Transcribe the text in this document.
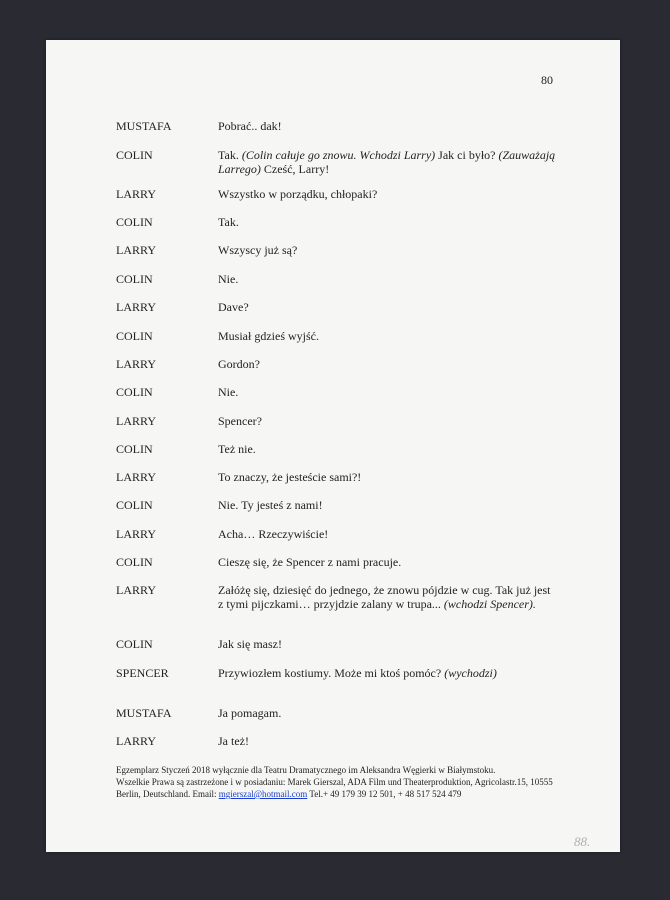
80
MUSTAFA	Pobrać.. dak!
COLIN	Tak. (Colin całuje go znowu. Wchodzi Larry) Jak ci było? (Zauważają Larrego) Cześć, Larry!
LARRY	Wszystko w porządku, chłopaki?
COLIN	Tak.
LARRY	Wszyscy już są?
COLIN	Nie.
LARRY	Dave?
COLIN	Musiał gdzieś wyjść.
LARRY	Gordon?
COLIN	Nie.
LARRY	Spencer?
COLIN	Też nie.
LARRY	To znaczy, że jesteście sami?!
COLIN	Nie. Ty jesteś z nami!
LARRY	Acha… Rzeczywiście!
COLIN	Cieszę się, że Spencer z nami pracuje.
LARRY	Załóżę się, dziesięć do jednego, że znowu pójdzie w cug. Tak już jest z tymi pijczkami… przyjdzie zalany w trupa... (wchodzi Spencer).
COLIN	Jak się masz!
SPENCER	Przywiozłem kostiumy. Może mi ktoś pomóc? (wychodzi)
MUSTAFA	Ja pomagam.
LARRY	Ja też!
Egzemplarz Styczeń 2018 wyłącznie dla Teatru Dramatycznego im Aleksandra Węgierki w Białymstoku.
Wszelkie Prawa są zastrzeżone i w posiadaniu: Marek Gierszal, ADA Film und Theaterproduktion, Agricolastr.15, 10555
Berlin, Deutschland. Email: mgierszal@hotmail.com Tel.+ 49 179 39 12 501, + 48 517 524 479
88.
